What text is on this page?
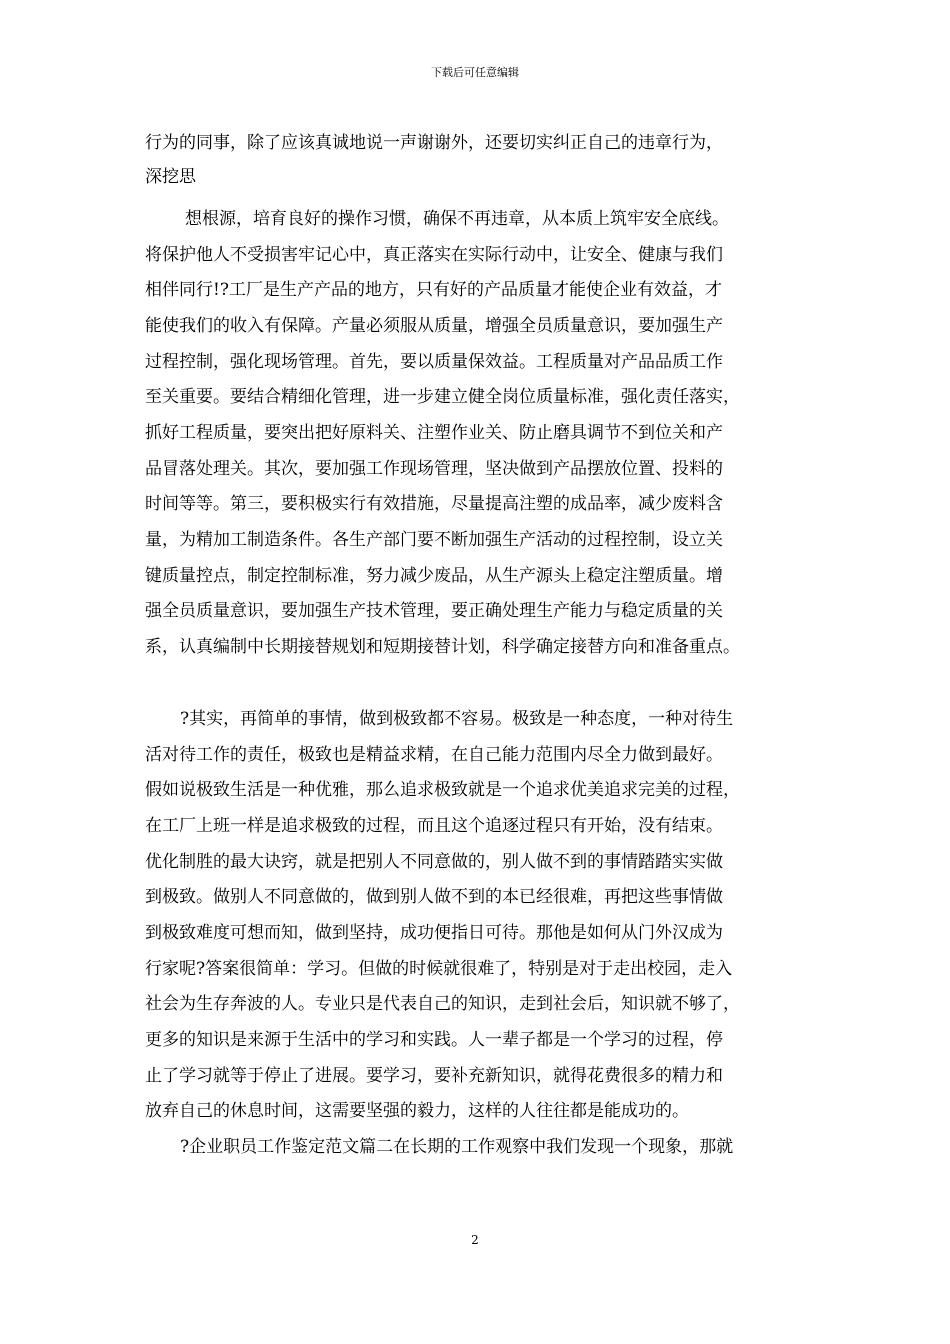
下载后可任意编辑
行为的同事，除了应该真诚地说一声谢谢外，还要切实纠正自己的违章行为，
深挖思
想根源，培育良好的操作习惯，确保不再违章，从本质上筑牢安全底线。
将保护他人不受损害牢记心中，真正落实在实际行动中，让安全、健康与我们
相伴同行!?工厂是生产产品的地方，只有好的产品质量才能使企业有效益，才
能使我们的收入有保障。产量必须服从质量，增强全员质量意识，要加强生产
过程控制，强化现场管理。首先，要以质量保效益。工程质量对产品品质工作
至关重要。要结合精细化管理，进一步建立健全岗位质量标准，强化责任落实，
抓好工程质量，要突出把好原料关、注塑作业关、防止磨具调节不到位关和产
品冒落处理关。其次，要加强工作现场管理，坚决做到产品摆放位置、投料的
时间等等。第三，要积极实行有效措施，尽量提高注塑的成品率，减少废料含
量，为精加工制造条件。各生产部门要不断加强生产活动的过程控制，设立关
键质量控点，制定控制标准，努力减少废品，从生产源头上稳定注塑质量。增
强全员质量意识，要加强生产技术管理，要正确处理生产能力与稳定质量的关
系，认真编制中长期接替规划和短期接替计划，科学确定接替方向和准备重点。
?其实，再简单的事情，做到极致都不容易。极致是一种态度，一种对待生
活对待工作的责任，极致也是精益求精，在自己能力范围内尽全力做到最好。
假如说极致生活是一种优雅，那么追求极致就是一个追求优美追求完美的过程，
在工厂上班一样是追求极致的过程，而且这个追逐过程只有开始，没有结束。
优化制胜的最大诀窍，就是把别人不同意做的，别人做不到的事情踏踏实实做
到极致。做别人不同意做的，做到别人做不到的本已经很难，再把这些事情做
到极致难度可想而知，做到坚持，成功便指日可待。那他是如何从门外汉成为
行家呢?答案很简单：学习。但做的时候就很难了，特别是对于走出校园，走入
社会为生存奔波的人。专业只是代表自己的知识，走到社会后，知识就不够了，
更多的知识是来源于生活中的学习和实践。人一辈子都是一个学习的过程，停
止了学习就等于停止了进展。要学习，要补充新知识，就得花费很多的精力和
放弃自己的休息时间，这需要坚强的毅力，这样的人往往都是能成功的。
?企业职员工作鉴定范文篇二在长期的工作观察中我们发现一个现象，那就
2
